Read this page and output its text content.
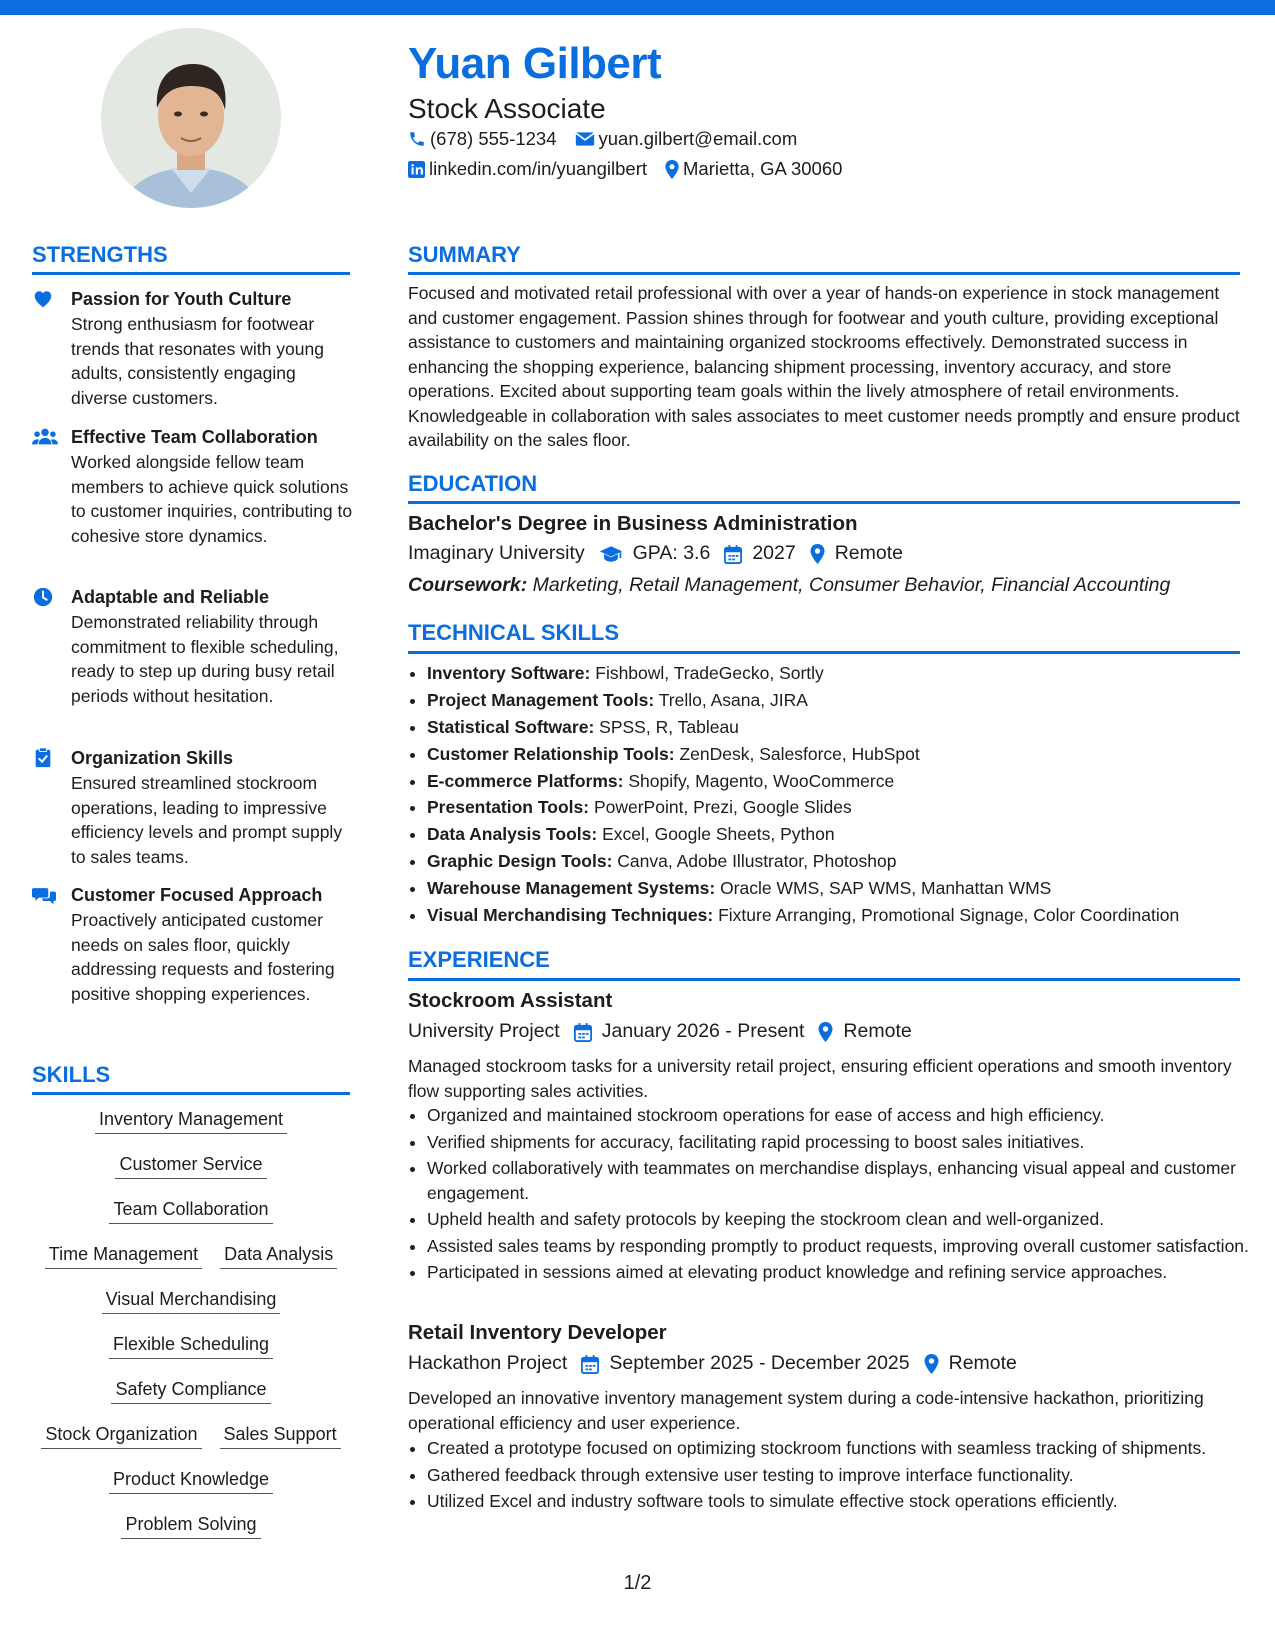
Yuan Gilbert
Stock Associate
(678) 555-1234 yuan.gilbert@email.com
linkedin.com/in/yuangilbert Marietta, GA 30060
STRENGTHS
Passion for Youth Culture
Strong enthusiasm for footwear trends that resonates with young adults, consistently engaging diverse customers.
Effective Team Collaboration
Worked alongside fellow team members to achieve quick solutions to customer inquiries, contributing to cohesive store dynamics.
Adaptable and Reliable
Demonstrated reliability through commitment to flexible scheduling, ready to step up during busy retail periods without hesitation.
Organization Skills
Ensured streamlined stockroom operations, leading to impressive efficiency levels and prompt supply to sales teams.
Customer Focused Approach
Proactively anticipated customer needs on sales floor, quickly addressing requests and fostering positive shopping experiences.
SKILLS
Inventory Management
Customer Service
Team Collaboration
Time Management Data Analysis
Visual Merchandising
Flexible Scheduling
Safety Compliance
Stock Organization Sales Support
Product Knowledge
Problem Solving
SUMMARY
Focused and motivated retail professional with over a year of hands-on experience in stock management and customer engagement. Passion shines through for footwear and youth culture, providing exceptional assistance to customers and maintaining organized stockrooms effectively. Demonstrated success in enhancing the shopping experience, balancing shipment processing, inventory accuracy, and store operations. Excited about supporting team goals within the lively atmosphere of retail environments. Knowledgeable in collaboration with sales associates to meet customer needs promptly and ensure product availability on the sales floor.
EDUCATION
Bachelor's Degree in Business Administration
Imaginary University GPA: 3.6 2027 Remote
Coursework: Marketing, Retail Management, Consumer Behavior, Financial Accounting
TECHNICAL SKILLS
• Inventory Software: Fishbowl, TradeGecko, Sortly
• Project Management Tools: Trello, Asana, JIRA
• Statistical Software: SPSS, R, Tableau
• Customer Relationship Tools: ZenDesk, Salesforce, HubSpot
• E-commerce Platforms: Shopify, Magento, WooCommerce
• Presentation Tools: PowerPoint, Prezi, Google Slides
• Data Analysis Tools: Excel, Google Sheets, Python
• Graphic Design Tools: Canva, Adobe Illustrator, Photoshop
• Warehouse Management Systems: Oracle WMS, SAP WMS, Manhattan WMS
• Visual Merchandising Techniques: Fixture Arranging, Promotional Signage, Color Coordination
EXPERIENCE
Stockroom Assistant
University Project January 2026 - Present Remote
Managed stockroom tasks for a university retail project, ensuring efficient operations and smooth inventory flow supporting sales activities.
• Organized and maintained stockroom operations for ease of access and high efficiency.
• Verified shipments for accuracy, facilitating rapid processing to boost sales initiatives.
• Worked collaboratively with teammates on merchandise displays, enhancing visual appeal and customer engagement.
• Upheld health and safety protocols by keeping the stockroom clean and well-organized.
• Assisted sales teams by responding promptly to product requests, improving overall customer satisfaction.
• Participated in sessions aimed at elevating product knowledge and refining service approaches.
Retail Inventory Developer
Hackathon Project September 2025 - December 2025 Remote
Developed an innovative inventory management system during a code-intensive hackathon, prioritizing operational efficiency and user experience.
• Created a prototype focused on optimizing stockroom functions with seamless tracking of shipments.
• Gathered feedback through extensive user testing to improve interface functionality.
• Utilized Excel and industry software tools to simulate effective stock operations efficiently.
1/2
